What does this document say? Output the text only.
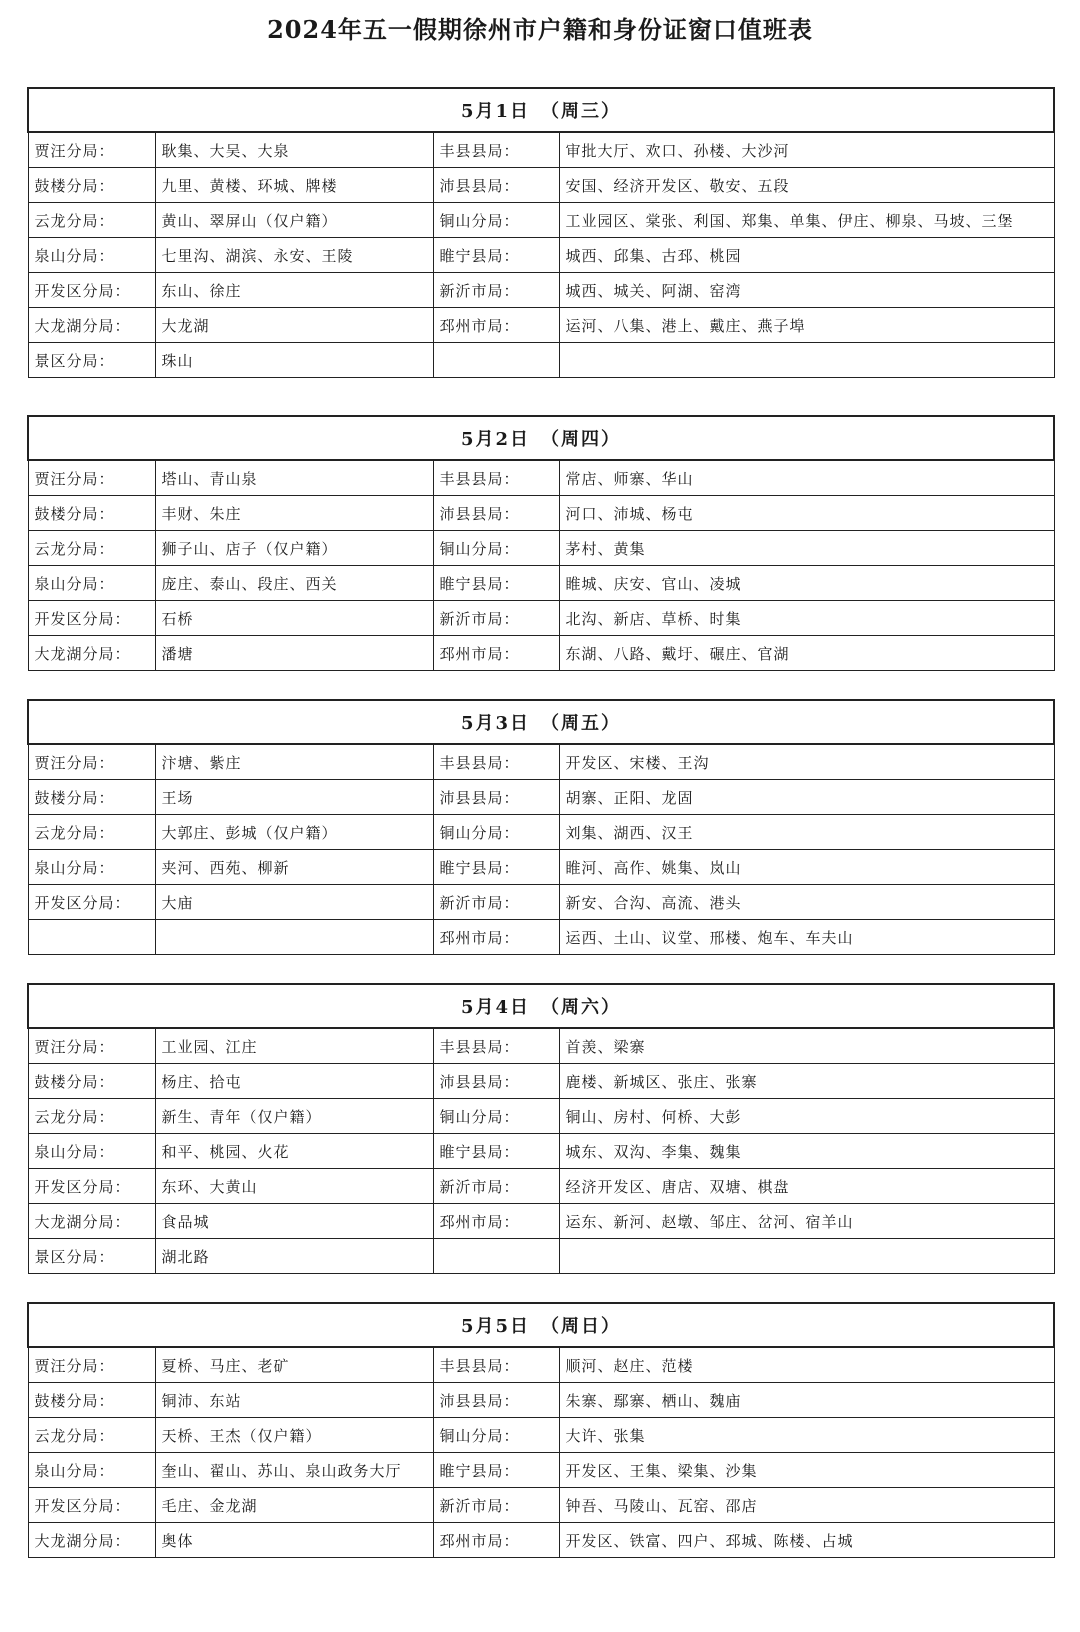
2024年五一假期徐州市户籍和身份证窗口值班表
5月1日　（周三）			
贾汪分局：	耿集、大吴、大泉	丰县县局：	审批大厅、欢口、孙楼、大沙河
鼓楼分局：	九里、黄楼、环城、牌楼	沛县县局：	安国、经济开发区、敬安、五段
云龙分局：	黄山、翠屏山（仅户籍）	铜山分局：	工业园区、棠张、利国、郑集、单集、伊庄、柳泉、马坡、三堡
泉山分局：	七里沟、湖滨、永安、王陵	睢宁县局：	城西、邱集、古邳、桃园
开发区分局：	东山、徐庄	新沂市局：	城西、城关、阿湖、窑湾
大龙湖分局：	大龙湖	邳州市局：	运河、八集、港上、戴庄、燕子埠
景区分局：	珠山		
5月2日　（周四）			
贾汪分局：	塔山、青山泉	丰县县局：	常店、师寨、华山
鼓楼分局：	丰财、朱庄	沛县县局：	河口、沛城、杨屯
云龙分局：	狮子山、店子（仅户籍）	铜山分局：	茅村、黄集
泉山分局：	庞庄、泰山、段庄、西关	睢宁县局：	睢城、庆安、官山、凌城
开发区分局：	石桥	新沂市局：	北沟、新店、草桥、时集
大龙湖分局：	潘塘	邳州市局：	东湖、八路、戴圩、碾庄、官湖
5月3日　（周五）			
贾汪分局：	汴塘、紫庄	丰县县局：	开发区、宋楼、王沟
鼓楼分局：	王场	沛县县局：	胡寨、正阳、龙固
云龙分局：	大郭庄、彭城（仅户籍）	铜山分局：	刘集、湖西、汉王
泉山分局：	夹河、西苑、柳新	睢宁县局：	睢河、高作、姚集、岚山
开发区分局：	大庙	新沂市局：	新安、合沟、高流、港头
		邳州市局：	运西、土山、议堂、邢楼、炮车、车夫山
5月4日　（周六）			
贾汪分局：	工业园、江庄	丰县县局：	首羡、梁寨
鼓楼分局：	杨庄、拾屯	沛县县局：	鹿楼、新城区、张庄、张寨
云龙分局：	新生、青年（仅户籍）	铜山分局：	铜山、房村、何桥、大彭
泉山分局：	和平、桃园、火花	睢宁县局：	城东、双沟、李集、魏集
开发区分局：	东环、大黄山	新沂市局：	经济开发区、唐店、双塘、棋盘
大龙湖分局：	食品城	邳州市局：	运东、新河、赵墩、邹庄、岔河、宿羊山
景区分局：	湖北路		
5月5日　（周日）			
贾汪分局：	夏桥、马庄、老矿	丰县县局：	顺河、赵庄、范楼
鼓楼分局：	铜沛、东站	沛县县局：	朱寨、鄢寨、栖山、魏庙
云龙分局：	天桥、王杰（仅户籍）	铜山分局：	大许、张集
泉山分局：	奎山、翟山、苏山、泉山政务大厅	睢宁县局：	开发区、王集、梁集、沙集
开发区分局：	毛庄、金龙湖	新沂市局：	钟吾、马陵山、瓦窑、邵店
大龙湖分局：	奥体	邳州市局：	开发区、铁富、四户、邳城、陈楼、占城
